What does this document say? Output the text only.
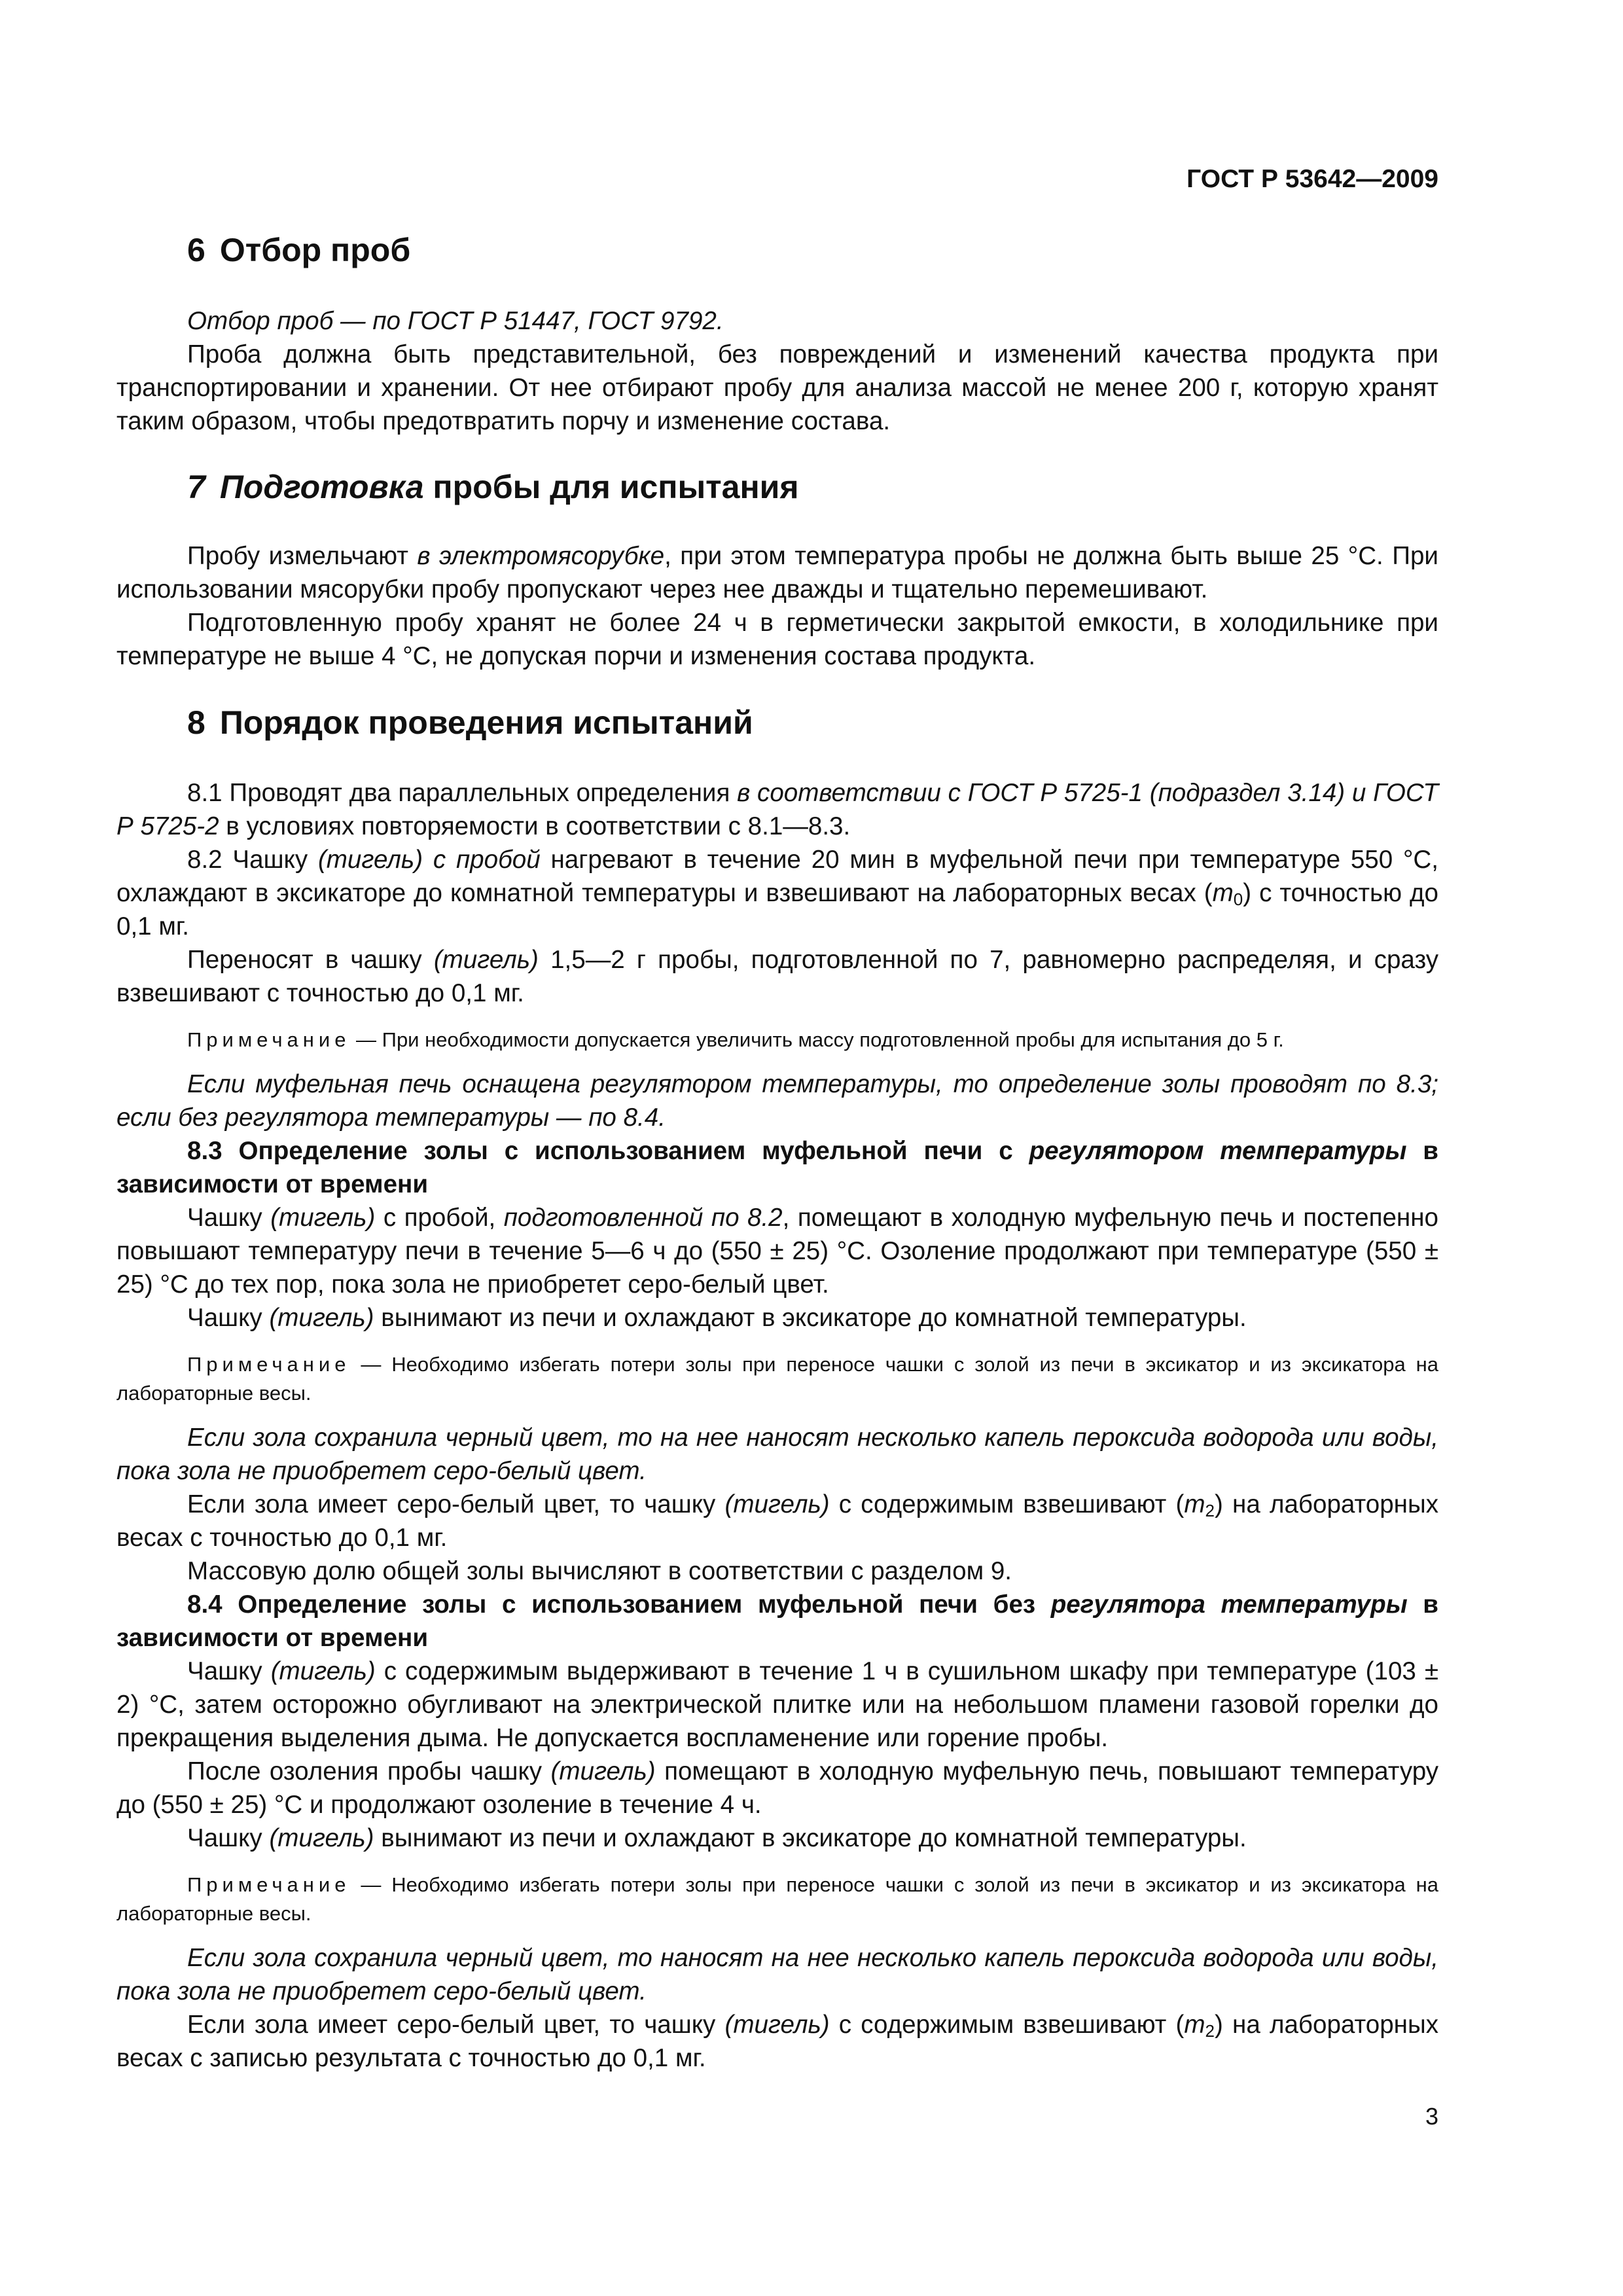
ГОСТ Р 53642—2009
6 Отбор проб

Отбор проб — по ГОСТ Р 51447, ГОСТ 9792.

Проба должна быть представительной, без повреждений и изменений качества продукта при транспортировании и хранении. От нее отбирают пробу для анализа массой не менее 200 г, которую хранят таким образом, чтобы предотвратить порчу и изменение состава.

7 Подготовка пробы для испытания

Пробу измельчают в электромясорубке, при этом температура пробы не должна быть выше 25 °С. При использовании мясорубки пробу пропускают через нее дважды и тщательно перемешивают.

Подготовленную пробу хранят не более 24 ч в герметически закрытой емкости, в холодильнике при температуре не выше 4 °С, не допуская порчи и изменения состава продукта.

8 Порядок проведения испытаний

8.1 Проводят два параллельных определения в соответствии с ГОСТ Р 5725-1 (подраздел 3.14) и ГОСТ Р 5725-2 в условиях повторяемости в соответствии с 8.1—8.3.

8.2 Чашку (тигель) с пробой нагревают в течение 20 мин в муфельной печи при температуре 550 °С, охлаждают в эксикаторе до комнатной температуры и взвешивают на лабораторных весах $(m_0)$ с точностью до 0,1 мг.

Переносят в чашку (тигель) 1,5—2 г пробы, подготовленной по 7, равномерно распределяя, и сразу взвешивают с точностью до 0,1 мг.

Примечание — При необходимости допускается увеличить массу подготовленной пробы для испытания до 5 г.

Если муфельная печь оснащена регулятором температуры, то определение золы проводят по 8.3; если без регулятора температуры — по 8.4.

8.3 Определение золы с использованием муфельной печи с регулятором температуры в зависимости от времени

Чашку (тигель) с пробой, подготовленной по 8.2, помещают в холодную муфельную печь и постепенно повышают температуру печи в течение 5—6 ч до (550 ± 25) °С. Озоление продолжают при температуре (550 ± 25) °С до тех пор, пока зола не приобретет серо-белый цвет.

Чашку (тигель) вынимают из печи и охлаждают в эксикаторе до комнатной температуры.

Примечание — Необходимо избегать потери золы при переносе чашки с золой из печи в эксикатор и из эксикатора на лабораторные весы.

Если зола сохранила черный цвет, то на нее наносят несколько капель пероксида водорода или воды, пока зола не приобретет серо-белый цвет.

Если зола имеет серо-белый цвет, то чашку (тигель) с содержимым взвешивают $(m_2)$ на лабораторных весах с точностью до 0,1 мг.

Массовую долю общей золы вычисляют в соответствии с разделом 9.

8.4 Определение золы с использованием муфельной печи без регулятора температуры в зависимости от времени

Чашку (тигель) с содержимым выдерживают в течение 1 ч в сушильном шкафу при температуре (103 ± 2) °С, затем осторожно обугливают на электрической плитке или на небольшом пламени газовой горелки до прекращения выделения дыма. Не допускается воспламенение или горение пробы.

После озоления пробы чашку (тигель) помещают в холодную муфельную печь, повышают температуру до (550 ± 25) °С и продолжают озоление в течение 4 ч.

Чашку (тигель) вынимают из печи и охлаждают в эксикаторе до комнатной температуры.

Примечание — Необходимо избегать потери золы при переносе чашки с золой из печи в эксикатор и из эксикатора на лабораторные весы.

Если зола сохранила черный цвет, то наносят на нее несколько капель пероксида водорода или воды, пока зола не приобретет серо-белый цвет.

Если зола имеет серо-белый цвет, то чашку (тигель) с содержимым взвешивают $(m_2)$ на лабораторных весах с записью результата с точностью до 0,1 мг.

3
